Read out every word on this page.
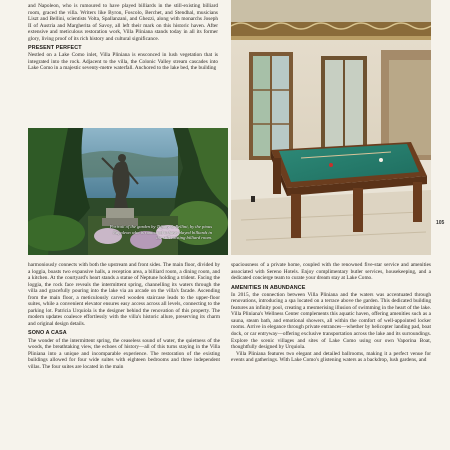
and Napoleon, who is rumoured to have played billiards in the still-existing billiard room, graced the villa. Writers like Byron, Foscolo, Berchet, and Stendhal, musicians Liszt and Bellini, scientists Volta, Spallanzani, and Ghezzi, along with monarchs Joseph II of Austria and Margherita of Savoy, all left their mark on this historic haven. After extensive and meticulous restoration work, Villa Pliniana stands today in all its former glory, living proof of its rich history and cultural significance.

PRESENT PERFECT

Nestled on a Lake Como inlet, Villa Pliniana is ensconced in lush vegetation that is integrated into the rock. Adjacent to the villa, the Colonic Valley stream cascades into Lake Como in a majestic seventy-metre waterfall. Anchored to the lake bed, the building

Portrait of the garden by Tiffany & Bellini, by the pious Napoleon who is rumoured to have played billiards in the still existing billiard room.
105

harmoniously connects with both the upstream and front sides. The main floor, divided by a loggia, boasts two expansive halls, a reception area, a billiard room, a dining room, and a kitchen. At the courtyard's heart stands a statue of Neptune holding a trident. Facing the loggia, the rock face reveals the intermittent spring, channelling its waters through the villa and gracefully pouring into the lake via an arcade on the villa's facade. Ascending from the main floor, a meticulously carved wooden staircase leads to the upper-floor suites, while a convenient elevator ensures easy access across all levels, connecting to the parking lot. Patricia Urquiola is the designer behind the renovation of this property. The modern updates coalesce effortlessly with the villa's historic allure, preserving its charm and original design details.

SONO A CASA

The wonder of the intermittent spring, the ceaseless sound of water, the quietness of the woods, the breathtaking view, the echoes of history—all of this turns staying in the Villa Pliniana into a unique and incomparable experience. The restoration of the existing buildings allowed for four wide suites with eighteen bedrooms and three independent villas. The four suites are located in the main

spaciousness of a private home, coupled with the renowned five-star service and amenities associated with Sereno Hotels. Enjoy complimentary butler services, housekeeping, and a dedicated concierge team to curate your dream stay at Lake Como.

AMENITIES IN ABUNDANCE

In 2015, the connection between Villa Pliniana and the waters was accentuated through renovations, introducing a spa located on a terrace above the garden. This dedicated building features an infinity pool, creating a mesmerising illusion of swimming in the heart of the lake. Villa Pliniana's Wellness Center complements this aquatic haven, offering amenities such as a sauna, steam bath, and emotional showers, all within the comfort of well-appointed locker rooms. Arrive in elegance through private entrances—whether by helicopter landing pad, boat dock, or car entryway—offering exclusive transportation across the lake and its surroundings. Explore the scenic villages and sites of Lake Como using our own Vaporina Boat, thoughtfully designed by Urquiola.

Villa Pliniana features two elegant and detailed ballrooms, making it a perfect venue for events and gatherings. With Lake Como's glistening waters as a backdrop, lush gardens, and
